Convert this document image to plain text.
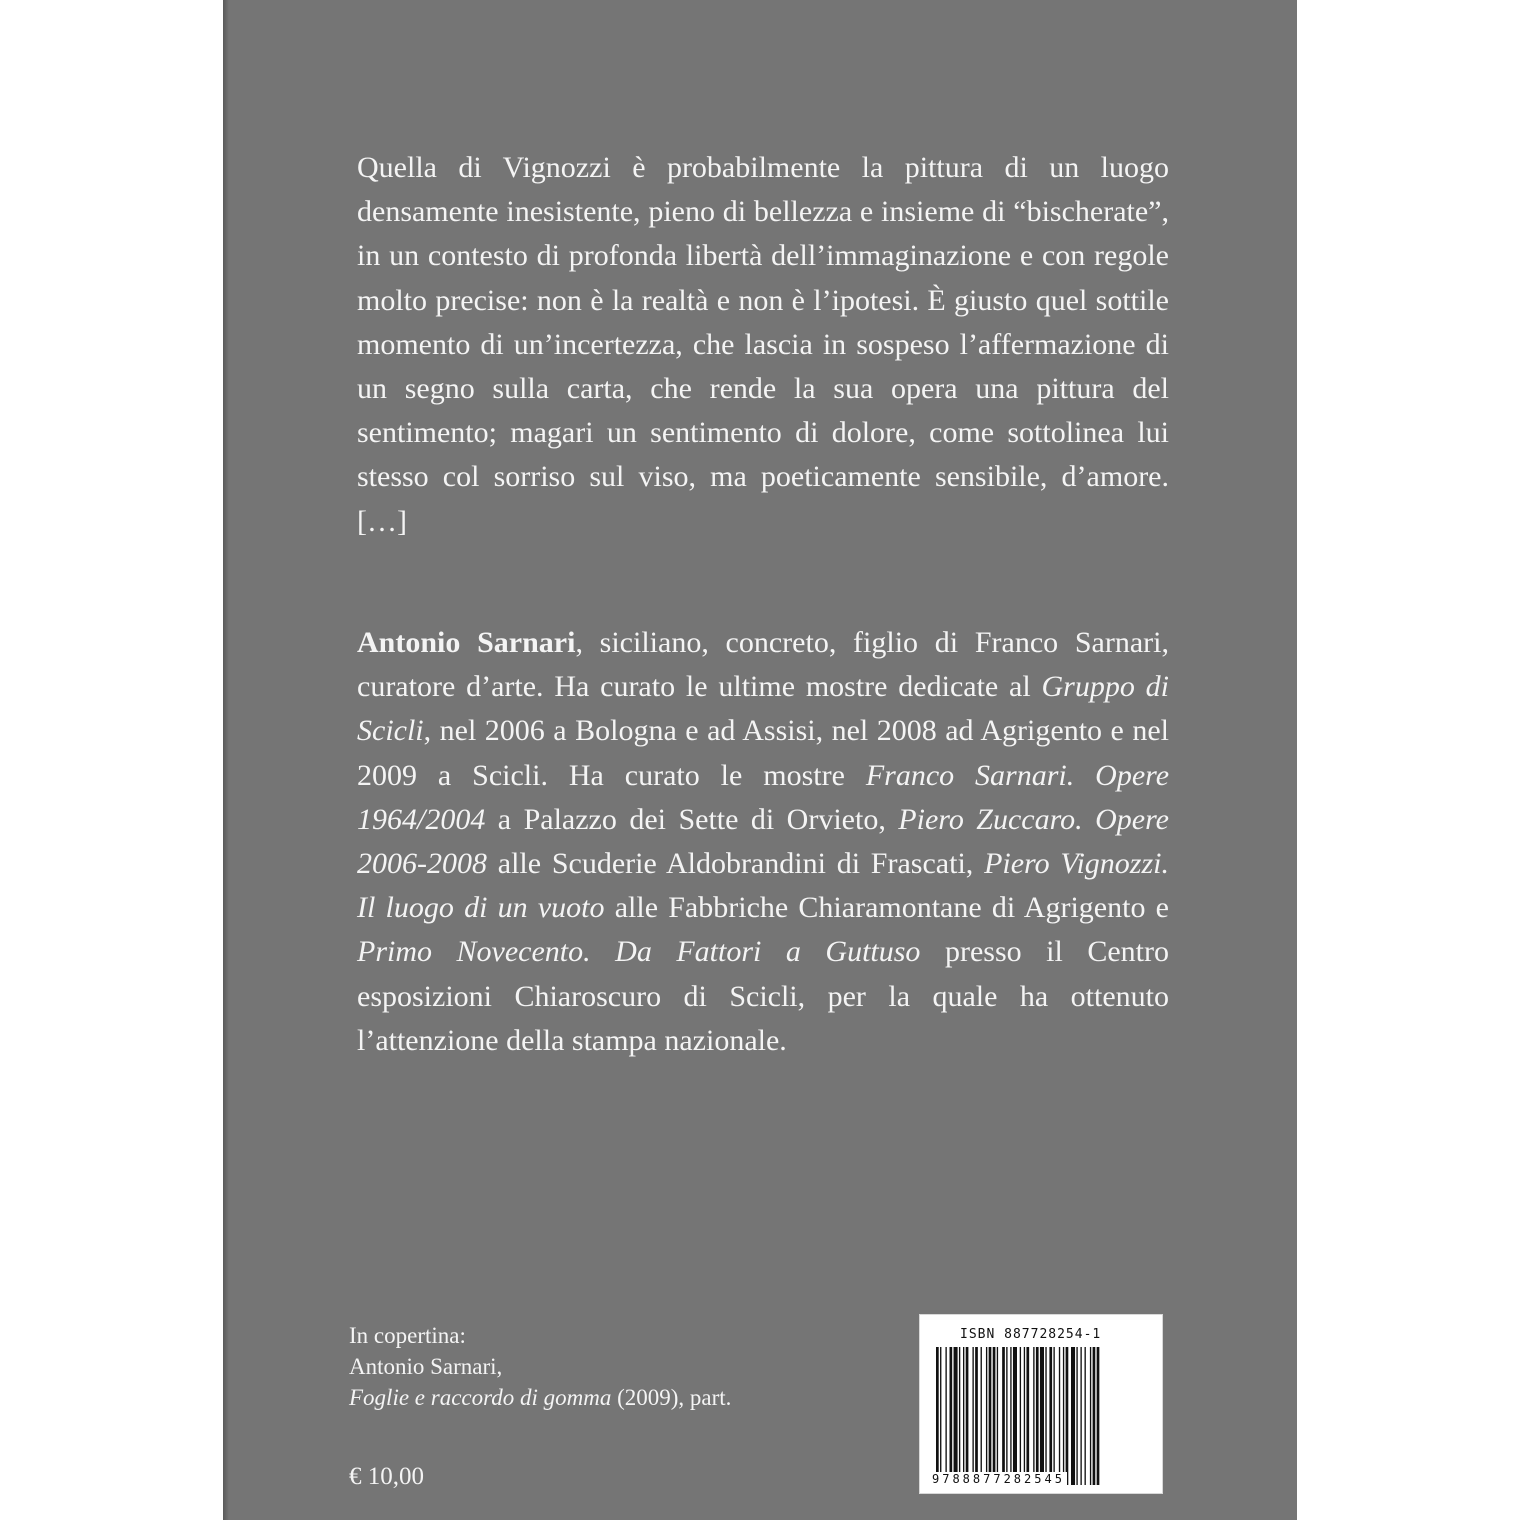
Quella di Vignozzi è probabilmente la pittura di un luogo densamente inesistente, pieno di bellezza e insieme di “bischerate”, in un contesto di profonda libertà dell’immaginazione e con regole molto precise: non è la realtà e non è l’ipotesi. È giusto quel sottile momento di un’incertezza, che lascia in sospeso l’affermazione di un segno sulla carta, che rende la sua opera una pittura del sentimento; magari un sentimento di dolore, come sottolinea lui stesso col sorriso sul viso, ma poeticamente sensibile, d’amore. […]

Antonio Sarnari, siciliano, concreto, figlio di Franco Sarnari, curatore d’arte. Ha curato le ultime mostre dedicate al Gruppo di Scicli, nel 2006 a Bologna e ad Assisi, nel 2008 ad Agrigento e nel 2009 a Scicli. Ha curato le mostre Franco Sarnari. Opere 1964/2004 a Palazzo dei Sette di Orvieto, Piero Zuccaro. Opere 2006-2008 alle Scuderie Aldobrandini di Frascati, Piero Vignozzi. Il luogo di un vuoto alle Fabbriche Chiaramontane di Agrigento e Primo Novecento. Da Fattori a Guttuso presso il Centro esposizioni Chiaroscuro di Scicli, per la quale ha ottenuto l’attenzione della stampa nazionale.

In copertina:
Antonio Sarnari,
Foglie e raccordo di gomma (2009), part.
€ 10,00
ISBN 887728254-1
9788877282545
